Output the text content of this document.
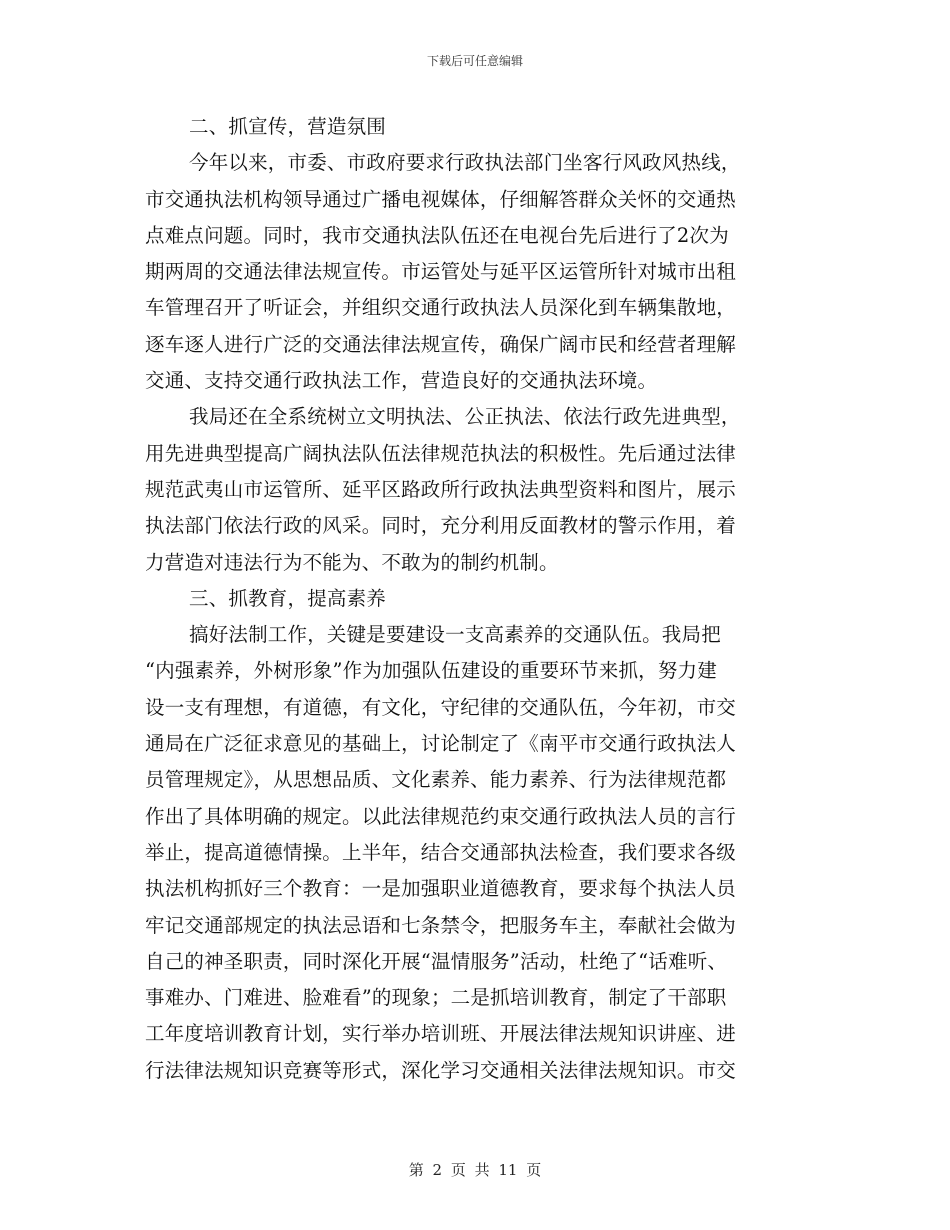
下载后可任意编辑
二、抓宣传，营造氛围
今年以来，市委、市政府要求行政执法部门坐客行风政风热线，
市交通执法机构领导通过广播电视媒体，仔细解答群众关怀的交通热
点难点问题。同时，我市交通执法队伍还在电视台先后进行了2次为
期两周的交通法律法规宣传。市运管处与延平区运管所针对城市出租
车管理召开了听证会，并组织交通行政执法人员深化到车辆集散地，
逐车逐人进行广泛的交通法律法规宣传，确保广阔市民和经营者理解
交通、支持交通行政执法工作，营造良好的交通执法环境。
我局还在全系统树立文明执法、公正执法、依法行政先进典型，
用先进典型提高广阔执法队伍法律规范执法的积极性。先后通过法律
规范武夷山市运管所、延平区路政所行政执法典型资料和图片，展示
执法部门依法行政的风采。同时，充分利用反面教材的警示作用，着
力营造对违法行为不能为、不敢为的制约机制。
三、抓教育，提高素养
搞好法制工作，关键是要建设一支高素养的交通队伍。我局把
“内强素养，外树形象”作为加强队伍建设的重要环节来抓，努力建
设一支有理想，有道德，有文化，守纪律的交通队伍，今年初，市交
通局在广泛征求意见的基础上，讨论制定了《南平市交通行政执法人
员管理规定》，从思想品质、文化素养、能力素养、行为法律规范都
作出了具体明确的规定。以此法律规范约束交通行政执法人员的言行
举止，提高道德情操。上半年，结合交通部执法检查，我们要求各级
执法机构抓好三个教育：一是加强职业道德教育，要求每个执法人员
牢记交通部规定的执法忌语和七条禁令，把服务车主，奉献社会做为
自己的神圣职责，同时深化开展“温情服务”活动，杜绝了“话难听、
事难办、门难进、脸难看”的现象；二是抓培训教育，制定了干部职
工年度培训教育计划，实行举办培训班、开展法律法规知识讲座、进
行法律法规知识竞赛等形式，深化学习交通相关法律法规知识。市交
第 2 页 共 11 页
